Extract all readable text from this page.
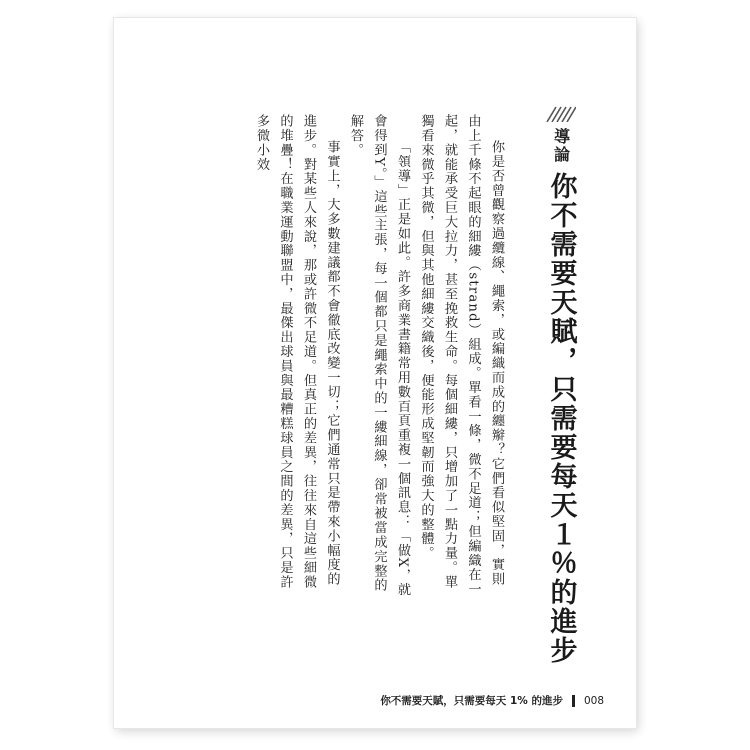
導論
你不需要天賦，只需要每天１％的進步

你是否曾觀察過纜線、繩索，或編織而成的纏辮？它們看似堅固，實則由上千條不起眼的細縷（strand）組成。單看一條，微不足道；但編織在一起，就能承受巨大拉力，甚至挽救生命。每個細縷，只增加了一點力量。單獨看來微乎其微，但與其他細縷交織後，便能形成堅韌而強大的整體。

「領導」正是如此。許多商業書籍常用數百頁重複一個訊息：「做X，就會得到Y。」這些主張，每一個都只是繩索中的一縷細線，卻常被當成完整的解答。

事實上，大多數建議都不會徹底改變一切；它們通常只是帶來小幅度的進步。對某些人來說，那或許微不足道。但真正的差異，往往來自這些細微的堆疊！在職業運動聯盟中，最傑出球員與最糟糕球員之間的差異，只是許多微小效

你不需要天賦，只需要每天 1% 的進步 008
